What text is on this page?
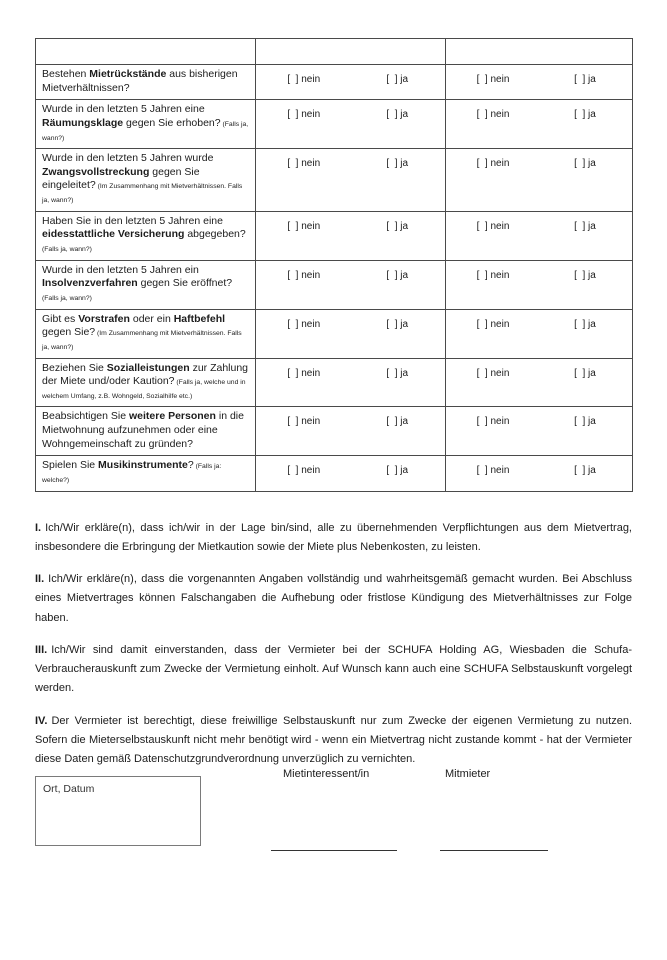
Bestehen Mietrückstände aus bisherigen Mietverhältnissen?	[  ] nein [  ] ja	[  ] nein [  ] ja

Wurde in den letzten 5 Jahren eine Räumungsklage gegen Sie erhoben? (Falls ja, wann?)	[  ] nein [  ] ja	[  ] nein [  ] ja

Wurde in den letzten 5 Jahren wurde Zwangsvollstreckung gegen Sie eingeleitet? (Im Zusammenhang mit Mietverhältnissen. Falls ja, wann?)	[  ] nein [  ] ja	[  ] nein [  ] ja

Haben Sie in den letzten 5 Jahren eine eidesstattliche Versicherung abgegeben? (Falls ja, wann?)	[  ] nein [  ] ja	[  ] nein [  ] ja

Wurde in den letzten 5 Jahren ein Insolvenzverfahren gegen Sie eröffnet? (Falls ja, wann?)	[  ] nein [  ] ja	[  ] nein [  ] ja

Gibt es Vorstrafen oder ein Haftbefehl gegen Sie? (Im Zusammenhang mit Mietverhältnissen. Falls ja, wann?)	[  ] nein [  ] ja	[  ] nein [  ] ja

Beziehen Sie Sozialleistungen zur Zahlung der Miete und/oder Kaution? (Falls ja, welche und in welchem Umfang, z.B. Wohngeld, Sozialhilfe etc.)	[  ] nein [  ] ja	[  ] nein [  ] ja

Beabsichtigen Sie weitere Personen in die Mietwohnung aufzunehmen oder eine Wohngemeinschaft zu gründen?	[  ] nein [  ] ja	[  ] nein [  ] ja

Spielen Sie Musikinstrumente? (Falls ja: welche?)	[  ] nein [  ] ja	[  ] nein [  ] ja

I. Ich/Wir erkläre(n), dass ich/wir in der Lage bin/sind, alle zu übernehmenden Verpflichtungen aus dem Mietvertrag, insbesondere die Erbringung der Mietkaution sowie der Miete plus Nebenkosten, zu leisten.

II. Ich/Wir erkläre(n), dass die vorgenannten Angaben vollständig und wahrheitsgemäß gemacht wurden. Bei Abschluss eines Mietvertrages können Falschangaben die Aufhebung oder fristlose Kündigung des Mietverhältnisses zur Folge haben.

III. Ich/Wir sind damit einverstanden, dass der Vermieter bei der SCHUFA Holding AG, Wiesbaden die Schufa-Verbraucherauskunft zum Zwecke der Vermietung einholt. Auf Wunsch kann auch eine SCHUFA Selbstauskunft vorgelegt werden.

IV. Der Vermieter ist berechtigt, diese freiwillige Selbstauskunft nur zum Zwecke der eigenen Vermietung zu nutzen. Sofern die Mieterselbstauskunft nicht mehr benötigt wird - wenn ein Mietvertrag nicht zustande kommt - hat der Vermieter diese Daten gemäß Datenschutzgrundverordnung unverzüglich zu vernichten.

Ort, Datum
Mietinteressent/in	Mitmieter
